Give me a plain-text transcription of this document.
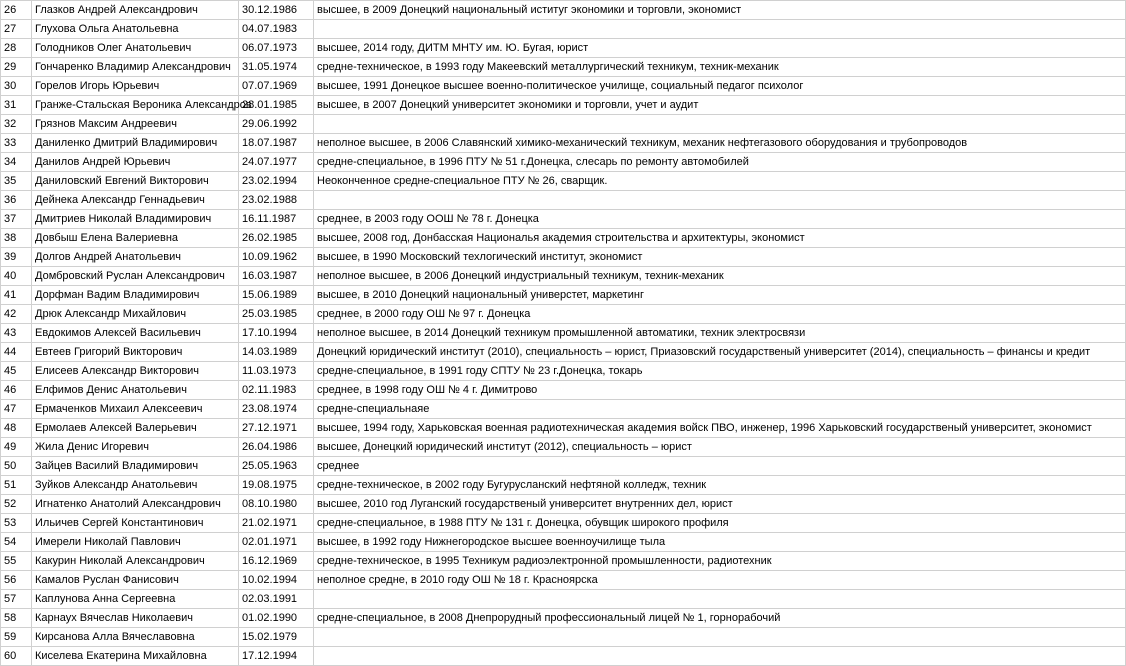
26	Глазков Андрей Александрович	30.12.1986	высшее, в 2009 Донецкий национальный иституг экономики и торговли, экономист
27	Глухова Ольга Анатольевна	04.07.1983	
28	Голодников Олег Анатольевич	06.07.1973	высшее, 2014 году, ДИТМ МНТУ им. Ю. Бугая, юрист
29	Гончаренко Владимир Александрович	31.05.1974	средне-техническое, в 1993 году Макеевский металлургический техникум, техник-механик
30	Горелов Игорь Юрьевич	07.07.1969	высшее, 1991 Донецкое высшее военно-политическое училище, социальный педагог психолог
31	Гранже-Стальская Вероника Александров	28.01.1985	высшее, в 2007 Донецкий университет экономики и торговли, учет и аудит
32	Грязнов Максим Андреевич	29.06.1992	
33	Даниленко Дмитрий Владимирович	18.07.1987	неполное высшее, в 2006 Славянский химико-механический техникум, механик нефтегазового оборудования и трубопроводов
34	Данилов Андрей Юрьевич	24.07.1977	средне-специальное, в 1996 ПТУ № 51 г.Донецка, слесарь по ремонту автомобилей
35	Даниловский Евгений Викторович	23.02.1994	Неоконченное средне-специальное ПТУ № 26, сварщик.
36	Дейнека Александр Геннадьевич	23.02.1988	
37	Дмитриев Николай Владимирович	16.11.1987	среднее, в 2003 году ООШ № 78 г. Донецка
38	Довбыш Елена Валериевна	26.02.1985	высшее, 2008 год, Донбасская Националья академия строительства и архитектуры, экономист
39	Долгов Андрей Анатольевич	10.09.1962	высшее, в 1990 Московский техлогический институт, экономист
40	Домбровский Руслан Александрович	16.03.1987	неполное высшее, в 2006 Донецкий индустриальный техникум, техник-механик
41	Дорфман Вадим Владимирович	15.06.1989	высшее, в 2010 Донецкий национальный универстет, маркетинг
42	Дрюк Александр Михайлович	25.03.1985	среднее, в 2000 году ОШ № 97 г. Донецка
43	Евдокимов Алексей Васильевич	17.10.1994	неполное высшее, в 2014 Донецкий техникум промышленной автоматики, техник электросвязи
44	Евтеев Григорий Викторович	14.03.1989	Донецкий юридический институт (2010), специальность – юрист, Приазовский государственый университет (2014), специальность – финансы и кредит
45	Елисеев Александр Викторович	11.03.1973	средне-специальное, в 1991 году СПТУ № 23 г.Донецка, токарь
46	Елфимов Денис Анатольевич	02.11.1983	среднее, в 1998 году ОШ № 4 г. Димитрово
47	Ермаченков Михаил Алексеевич	23.08.1974	средне-специальнаяе
48	Ермолаев Алексей Валерьевич	27.12.1971	высшее, 1994 году, Харьковская военная радиотехническая академия войск ПВО, инженер, 1996 Харьковский государственый университет, экономист
49	Жила Денис Игоревич	26.04.1986	высшее, Донецкий юридический институт (2012), специальность – юрист
50	Зайцев Василий Владимирович	25.05.1963	среднее
51	Зуйков Александр Анатольевич	19.08.1975	средне-техническое, в 2002 году Бугурусланский нефтяной колледж, техник
52	Игнатенко Анатолий Александрович	08.10.1980	высшее, 2010 год Луганский государственый университет внутренних дел, юрист
53	Ильичев Сергей Константинович	21.02.1971	средне-специальное, в 1988 ПТУ № 131 г. Донецка, обувщик широкого профиля
54	Имерели Николай Павлович	02.01.1971	высшее, в 1992 году Нижнегородское высшее военноучилище тыла
55	Какурин Николай Александрович	16.12.1969	средне-техническое, в 1995 Техникум радиоэлектронной промышленности, радиотехник
56	Камалов Руслан Фанисович	10.02.1994	неполное средне, в 2010 году ОШ № 18 г. Красноярска
57	Каплунова Анна Сергеевна	02.03.1991	
58	Карнаух Вячеслав Николаевич	01.02.1990	средне-специальное, в 2008 Днепрорудный профессиональный лицей № 1, горнорабочий
59	Кирсанова Алла Вячеславовна	15.02.1979	
60	Киселева Екатерина Михайловна	17.12.1994	
